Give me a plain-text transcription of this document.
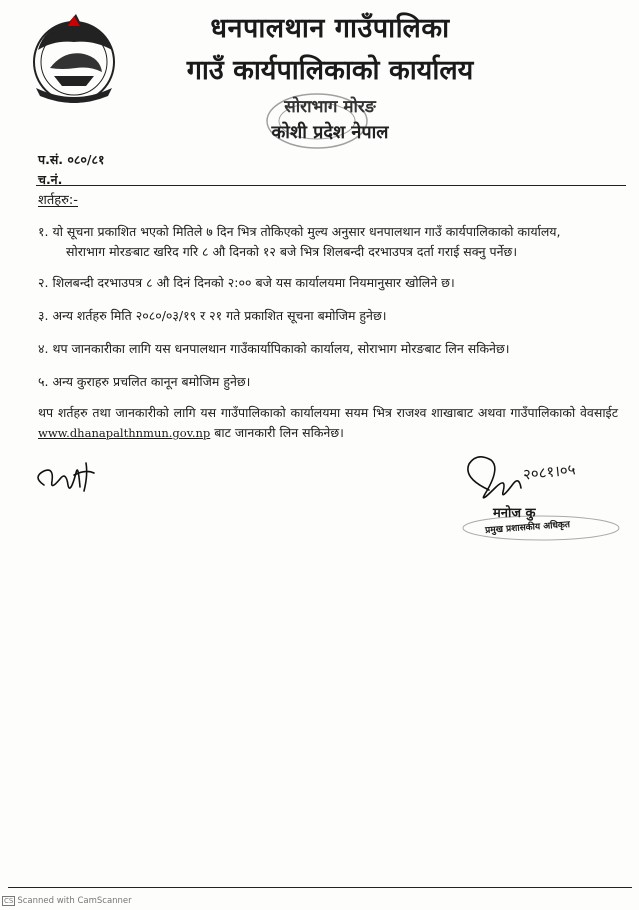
धनपालथान गाउँपालिका
गाउँ कार्यपालिकाको कार्यालय
सोराभाग मोरङ
कोशी प्रदेश नेपाल
प.सं. ०८०/८१
च.नं.
शर्तहरु:-
१. यो सूचना प्रकाशित भएको मितिले ७ दिन भित्र तोकिएको मुल्य अनुसार धनपालथान गाउँ कार्यपालिकाको कार्यालय,
सोराभाग मोरङबाट खरिद गरि ८ औ दिनको १२ बजे भित्र शिलबन्दी दरभाउपत्र दर्ता गराई सक्नु पर्नेछ।
२. शिलबन्दी दरभाउपत्र ८ औ दिनं दिनको २:०० बजे यस कार्यालयमा नियमानुसार खोलिने छ।
३. अन्य शर्तहरु मिति २०८०/०३/१९ र २१ गते प्रकाशित सूचना बमोजिम हुनेछ।
४. थप जानकारीका लागि यस धनपालथान गाउँकार्यापिकाको कार्यालय, सोराभाग मोरङबाट लिन सकिनेछ।
५. अन्य कुराहरु प्रचलित कानून बमोजिम हुनेछ।
थप शर्तहरु तथा जानकारीको लागि यस गाउँपालिकाको कार्यालयमा सयम भित्र राजश्व शाखाबाट अथवा गाउँपालिकाको वेवसाईट www.dhanapalthnmun.gov.np बाट जानकारी लिन सकिनेछ।
२०८१।०५
मनोज कु
प्रमुख प्रशासकीय अधिकृत
CS Scanned with CamScanner
